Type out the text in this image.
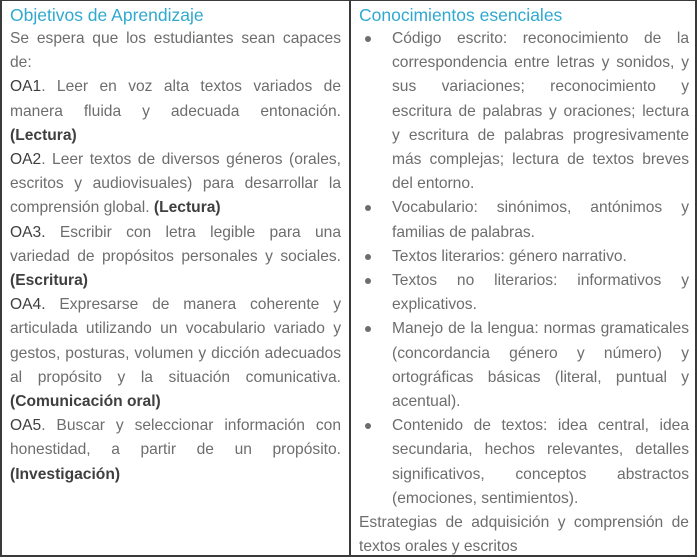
Objetivos de Aprendizaje

Se espera que los estudiantes sean capaces de:

OA1. Leer en voz alta textos variados de manera fluida y adecuada entonación. (Lectura)

OA2. Leer textos de diversos géneros (orales, escritos y audiovisuales) para desarrollar la comprensión global. (Lectura)

OA3. Escribir con letra legible para una variedad de propósitos personales y sociales. (Escritura)

OA4. Expresarse de manera coherente y articulada utilizando un vocabulario variado y gestos, posturas, volumen y dicción adecuados al propósito y la situación comunicativa. (Comunicación oral)

OA5. Buscar y seleccionar información con honestidad, a partir de un propósito. (Investigación)

Conocimientos esenciales
Código escrito: reconocimiento de la correspondencia entre letras y sonidos, y sus variaciones; reconocimiento y escritura de palabras y oraciones; lectura y escritura de palabras progresivamente más complejas; lectura de textos breves del entorno.
Vocabulario: sinónimos, antónimos y familias de palabras.
Textos literarios: género narrativo.
Textos no literarios: informativos y explicativos.
Manejo de la lengua: normas gramaticales (concordancia género y número) y ortográficas básicas (literal, puntual y acentual).
Contenido de textos: idea central, idea secundaria, hechos relevantes, detalles significativos, conceptos abstractos (emociones, sentimientos).

Estrategias de adquisición y comprensión de textos orales y escritos
